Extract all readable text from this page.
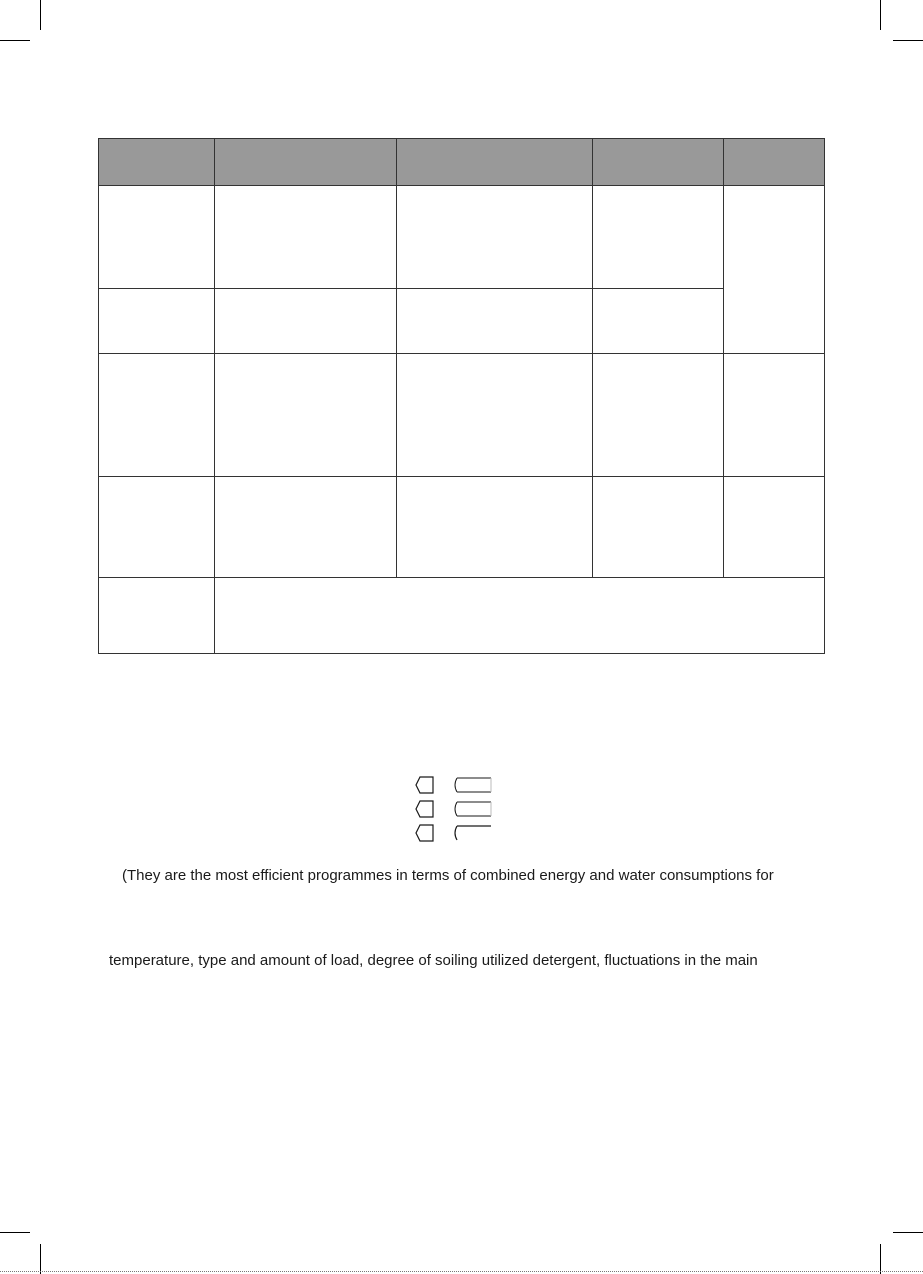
(They are the most efficient programmes in terms of combined energy and water consumptions for
temperature, type and amount of load, degree of soiling utilized detergent, fluctuations in the main
